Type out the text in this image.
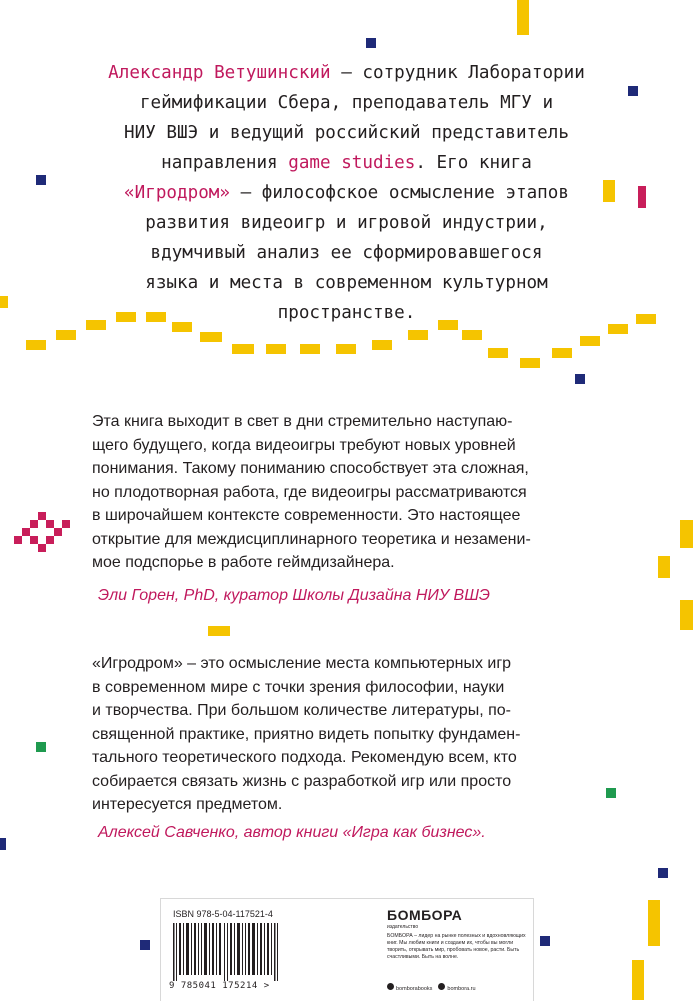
Александр Ветушинский – сотрудник Лаборатории
геймификации Сбера, преподаватель МГУ и
НИУ ВШЭ и ведущий российский представитель
направления game studies. Его книга
«Игродром» – философское осмысление этапов
развития видеоигр и игровой индустрии,
вдумчивый анализ ее сформировавшегося
языка и места в современном культурном
пространстве.
Эта книга выходит в свет в дни стремительно наступаю-
щего будущего, когда видеоигры требуют новых уровней
понимания. Такому пониманию способствует эта сложная,
но плодотворная работа, где видеоигры рассматриваются
в широчайшем контексте современности. Это настоящее
открытие для междисциплинарного теоретика и незамени-
мое подспорье в работе геймдизайнера.
Эли Горен, PhD, куратор Школы Дизайна НИУ ВШЭ
«Игродром» – это осмысление места компьютерных игр
в современном мире с точки зрения философии, науки
и творчества. При большом количестве литературы, по-
священной практике, приятно видеть попытку фундамен-
тального теоретического подхода. Рекомендую всем, кто
собирается связать жизнь с разработкой игр или просто
интересуется предметом.
Алексей Савченко, автор книги «Игра как бизнес».
ISBN 978-5-04-117521-4
9 785041 175214 >
БОМБОРА
издательство
БОМБОРА – лидер на рынке полезных и вдохновляющих книг. Мы любим книги и создаем их, чтобы вы могли творить, открывать мир, пробовать новое, расти. Быть счастливыми. Быть на волне.
bomborabooks	bombora.ru
